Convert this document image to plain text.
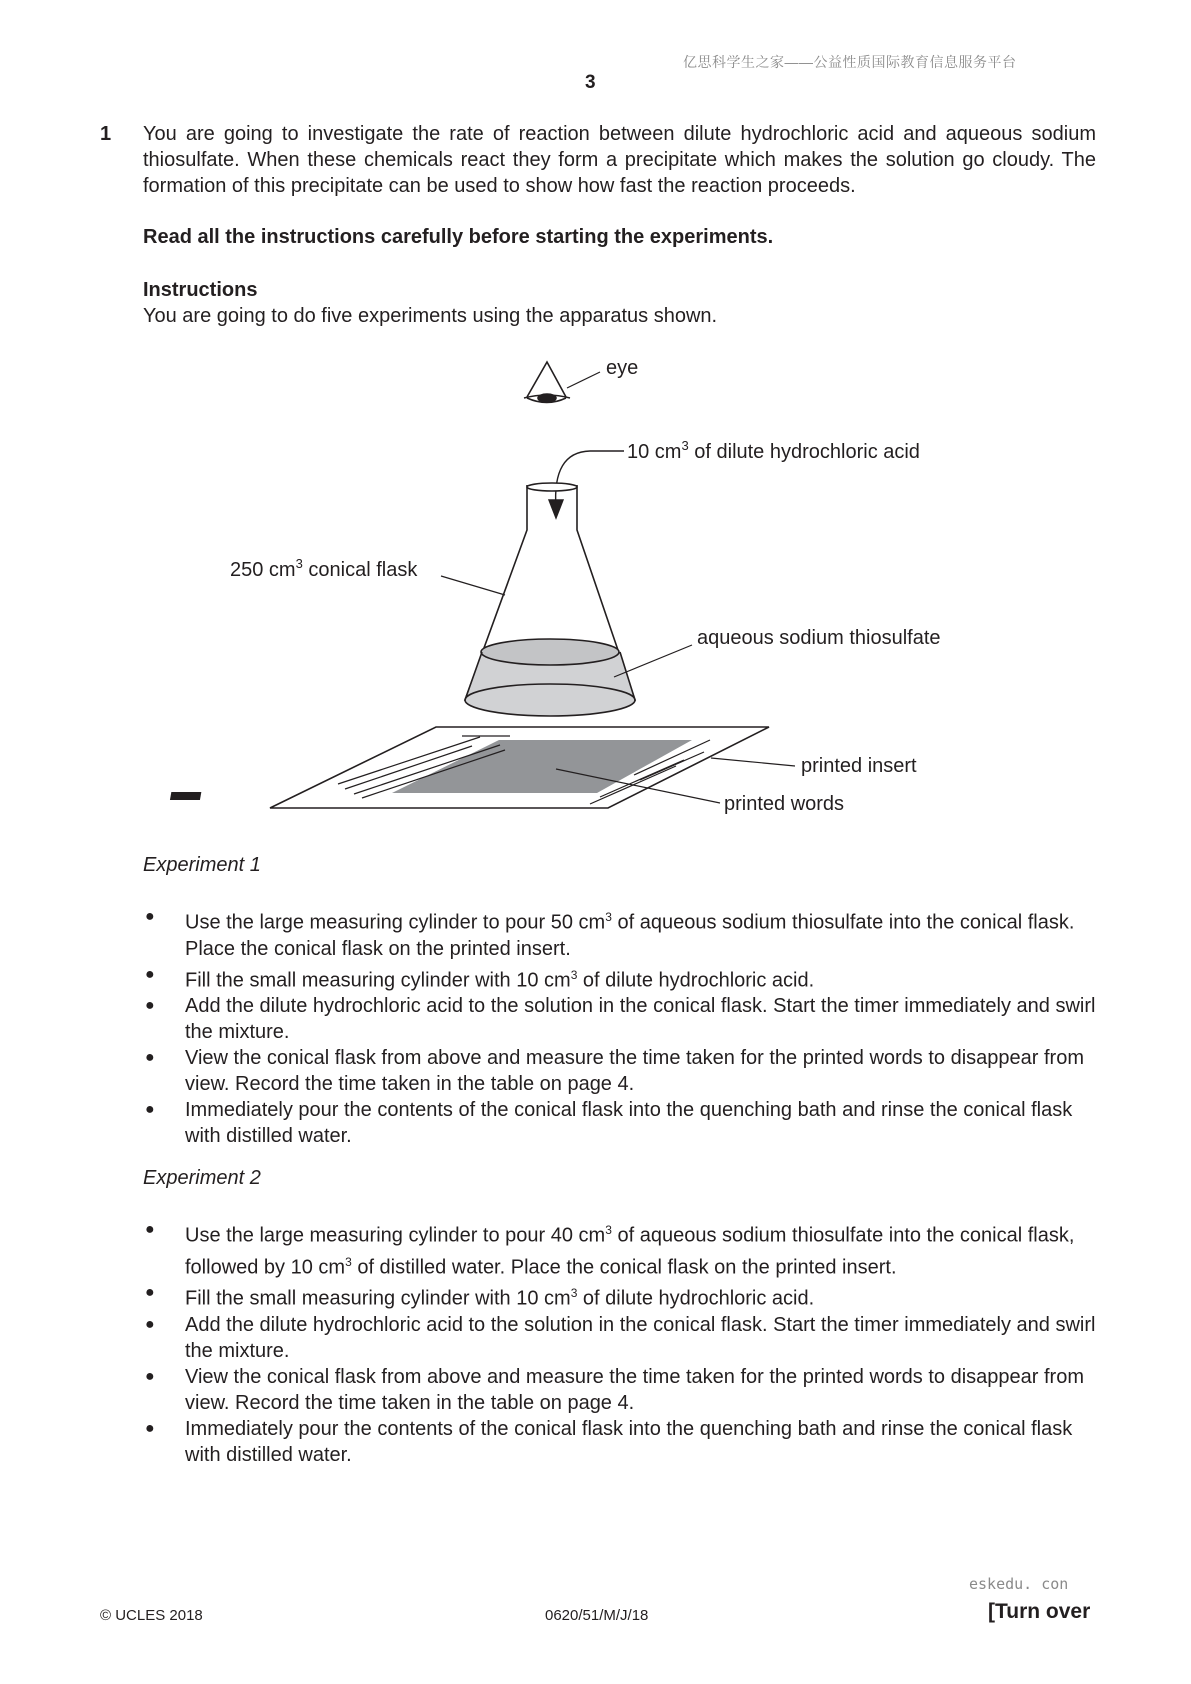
亿思科学生之家——公益性质国际教育信息服务平台
3
1 You are going to investigate the rate of reaction between dilute hydrochloric acid and aqueous sodium thiosulfate. When these chemicals react they form a precipitate which makes the solution go cloudy. The formation of this precipitate can be used to show how fast the reaction proceeds.
Read all the instructions carefully before starting the experiments.
Instructions
You are going to do five experiments using the apparatus shown.
eye
10 $cm^3$ of dilute hydrochloric acid
250 $cm^3$ conical flask
aqueous sodium thiosulfate
printed insert
printed words
Experiment 1
● Use the large measuring cylinder to pour 50 $cm^3$ of aqueous sodium thiosulfate into the conical flask. Place the conical flask on the printed insert.
● Fill the small measuring cylinder with 10 $cm^3$ of dilute hydrochloric acid.
● Add the dilute hydrochloric acid to the solution in the conical flask. Start the timer immediately and swirl the mixture.
● View the conical flask from above and measure the time taken for the printed words to disappear from view. Record the time taken in the table on page 4.
● Immediately pour the contents of the conical flask into the quenching bath and rinse the conical flask with distilled water.
Experiment 2
● Use the large measuring cylinder to pour 40 $cm^3$ of aqueous sodium thiosulfate into the conical flask, followed by 10 $cm^3$ of distilled water. Place the conical flask on the printed insert.
● Fill the small measuring cylinder with 10 $cm^3$ of dilute hydrochloric acid.
● Add the dilute hydrochloric acid to the solution in the conical flask. Start the timer immediately and swirl the mixture.
● View the conical flask from above and measure the time taken for the printed words to disappear from view. Record the time taken in the table on page 4.
● Immediately pour the contents of the conical flask into the quenching bath and rinse the conical flask with distilled water.
eskedu. con
© UCLES 2018	0620/51/M/J/18	[Turn over
